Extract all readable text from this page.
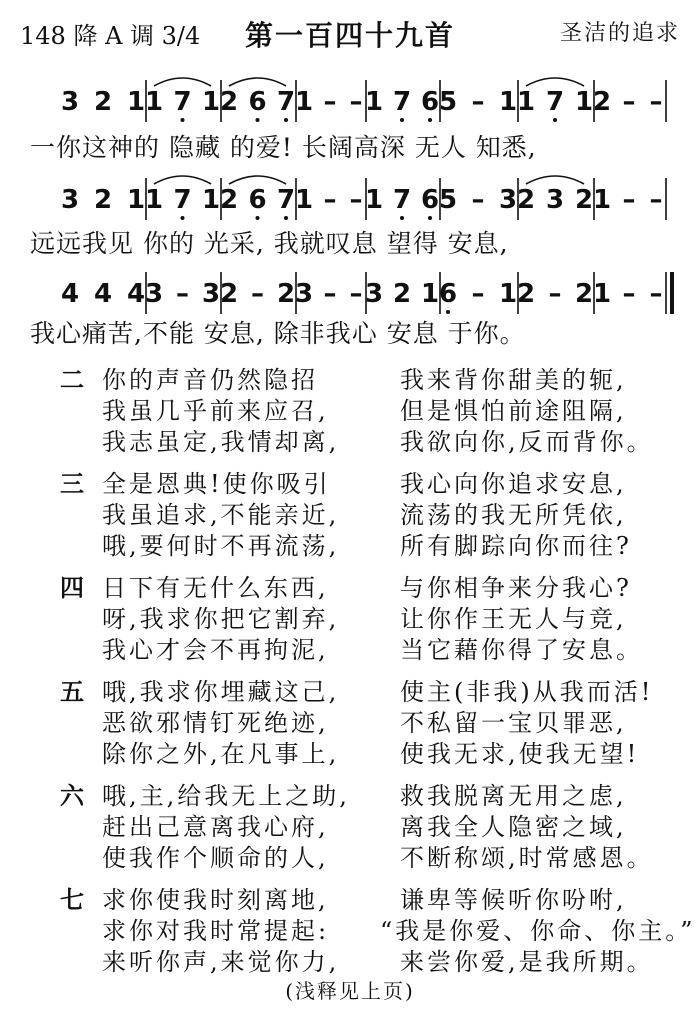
148 降 A 调 3/4	第一百四十九首	圣洁的追求
3 2 1 1 7 1 2 6 7 1 – – 1 7 6 5 – 1 1 7 1 2 – –
一你这神的 隐藏 的爱! 长阔高深 无人 知悉,
3 2 1 1 7 1 2 6 7 1 – – 1 7 6 5 – 3 2 3 2 1 – –
远远我见 你的 光采, 我就叹息 望得 安息,
4 4 4 3 – 3 2 – 2 3 – – 3 2 1 6 – 1 2 – 2 1 – –
我心痛苦,不能 安息, 除非我心 安息 于你。
二 你的声音仍然隐招	我来背你甜美的轭,
我虽几乎前来应召,	但是惧怕前途阻隔,
我志虽定,我情却离,	我欲向你,反而背你。
三 全是恩典!使你吸引	我心向你追求安息,
我虽追求,不能亲近,	流荡的我无所凭依,
哦,要何时不再流荡,	所有脚踪向你而往?
四 日下有无什么东西,	与你相争来分我心?
呀,我求你把它割弃,	让你作王无人与竞,
我心才会不再拘泥,	当它藉你得了安息。
五 哦,我求你埋藏这己,	使主(非我)从我而活!
恶欲邪情钉死绝迹,	不私留一宝贝罪恶,
除你之外,在凡事上,	使我无求,使我无望!
六 哦,主,给我无上之助, 救我脱离无用之虑,
赶出己意离我心府,	离我全人隐密之域,
使我作个顺命的人,	不断称颂,时常感恩。
七 求你使我时刻离地,	谦卑等候听你吩咐,
求你对我时常提起: “我是你爱、你命、你主。”
来听你声,来觉你力,	来尝你爱,是我所期。
(浅释见上页)
